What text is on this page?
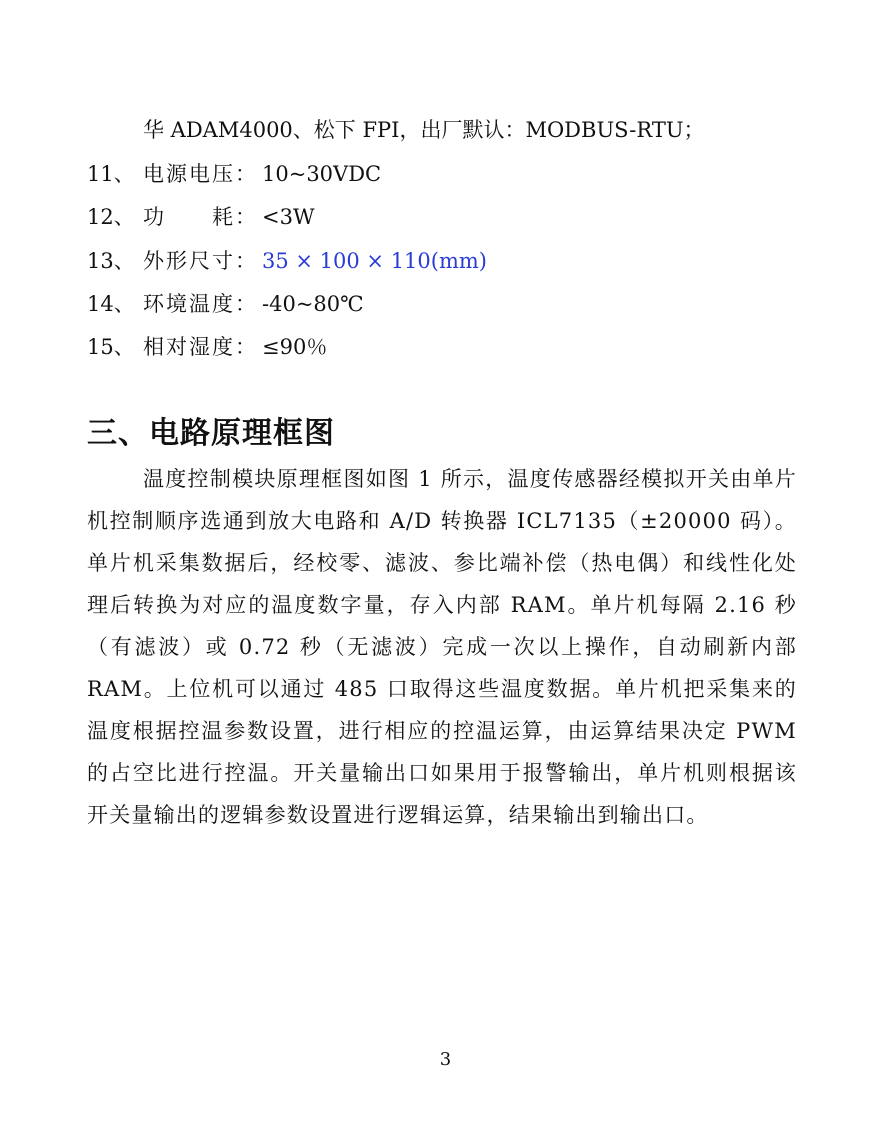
华 ADAM4000、松下 FPI，出厂默认：MODBUS-RTU；
11、 电源电压： 10~30VDC
12、 功　　耗： <3W
13、 外形尺寸： 35 × 100 × 110(mm)
14、 环境温度： -40~80℃
15、 相对湿度： ≤90％
三、电路原理框图

温度控制模块原理框图如图 1 所示，温度传感器经模拟开关由单片机控制顺序选通到放大电路和 A/D 转换器 ICL7135（±20000 码）。单片机采集数据后，经校零、滤波、参比端补偿（热电偶）和线性化处理后转换为对应的温度数字量，存入内部 RAM。单片机每隔 2.16 秒（有滤波）或 0.72 秒（无滤波）完成一次以上操作，自动刷新内部 RAM。上位机可以通过 485 口取得这些温度数据。单片机把采集来的温度根据控温参数设置，进行相应的控温运算，由运算结果决定 PWM 的占空比进行控温。开关量输出口如果用于报警输出，单片机则根据该开关量输出的逻辑参数设置进行逻辑运算，结果输出到输出口。

3
